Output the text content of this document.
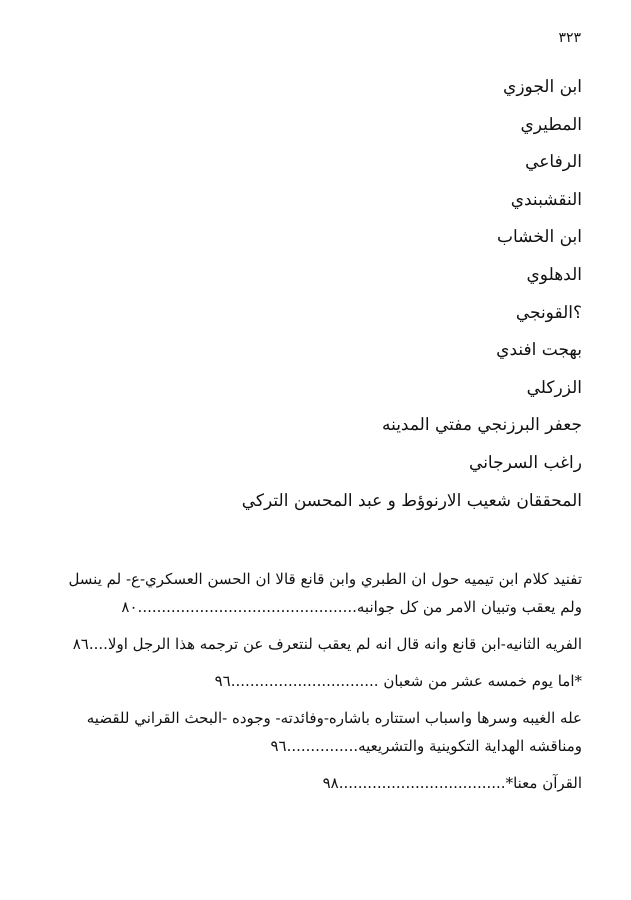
٣٢٣
ابن الجوزي
المطيري
الرفاعي
النقشبندي
ابن الخشاب
الدهلوي
؟القونجي
بهجت افندي
الزركلي
جعفر البرزنجي مفتي المدينه
راغب السرجاني
المحققان شعيب الارنوؤط و عبد المحسن التركي
تفنيد كلام ابن تيميه حول ان الطبري وابن قانع قالا ان الحسن العسكري-ع- لم ينسل ولم يعقب وتبيان الامر من كل جوانبه..............................................٨٠
الفريه الثانيه-ابن قانع وانه قال انه لم يعقب لنتعرف عن ترجمه هذا الرجل اولا....٨٦
*اما يوم خمسه عشر من شعبان ...............................٩٦
عله الغيبه وسرها واسباب استتاره باشاره-وفائدته- وجوده -البحث القراني للقضيه ومناقشه الهداية التكوينية والتشريعيه...............٩٦
القرآن معنا*...................................٩٨
